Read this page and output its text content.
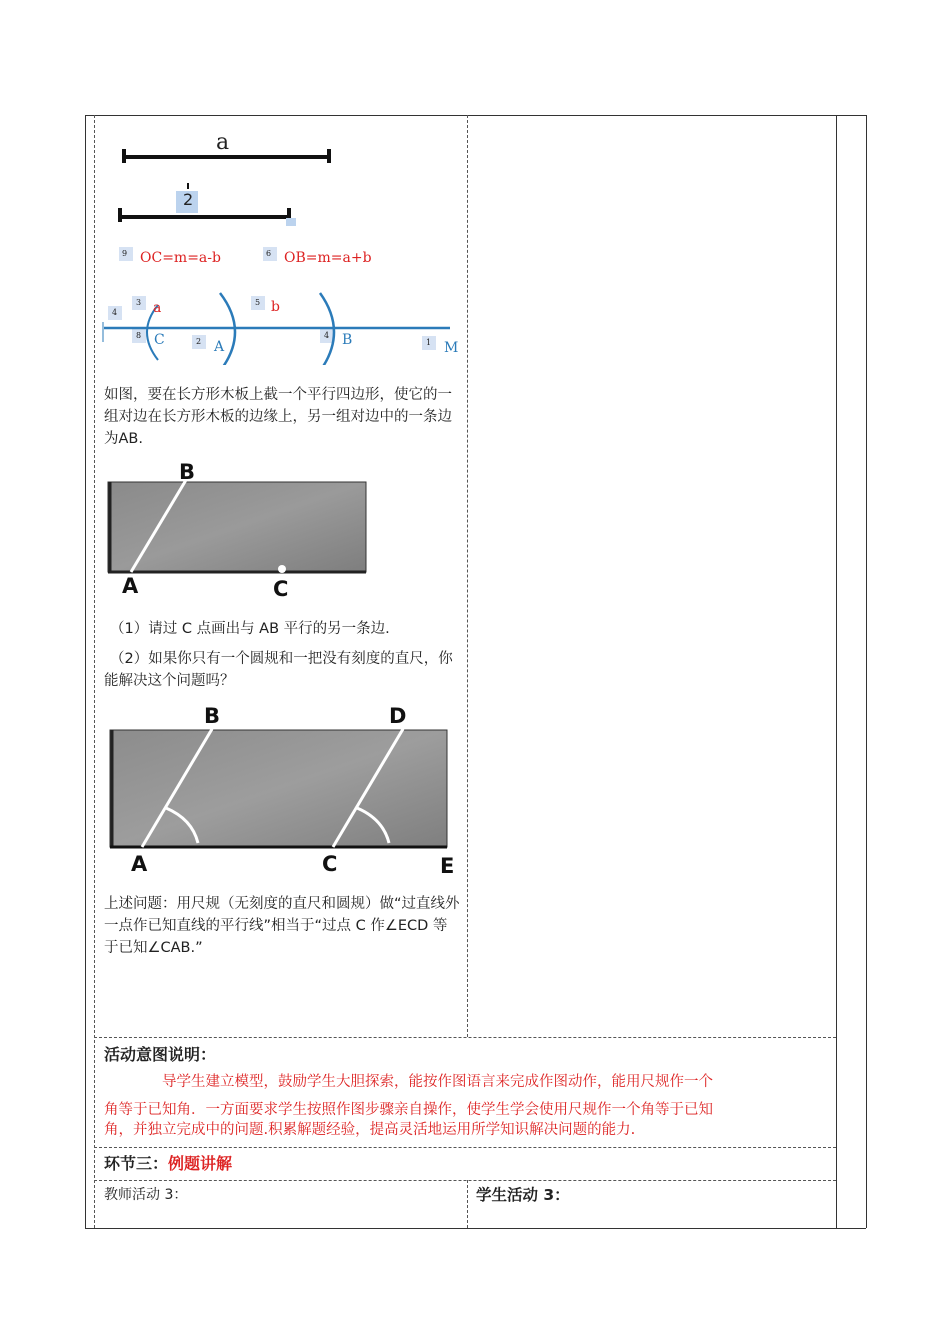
a
2
9 OC=m=a-b	6 OB=m=a+b
4
3 a
8 C	2 A
5 b
4 B	1 M
如图，要在长方形木板上截一个平行四边形，使它的一组对边在长方形木板的边缘上，另一组对边中的一条边为AB.
B
A	C
（1）请过 C 点画出与 AB 平行的另一条边.
（2）如果你只有一个圆规和一把没有刻度的直尺，你能解决这个问题吗？
B	D
A	C	E
上述问题：用尺规（无刻度的直尺和圆规）做“过直线外一点作已知直线的平行线”相当于“过点 C 作∠ECD 等于已知∠CAB.”
活动意图说明：
导学生建立模型，鼓励学生大胆探索，能按作图语言来完成作图动作，能用尺规作一个
角等于已知角．一方面要求学生按照作图步骤亲自操作，使学生学会使用尺规作一个角等于已知
角，并独立完成中的问题.积累解题经验，提高灵活地运用所学知识解决问题的能力.
环节三：例题讲解
教师活动 3：	学生活动 3：
